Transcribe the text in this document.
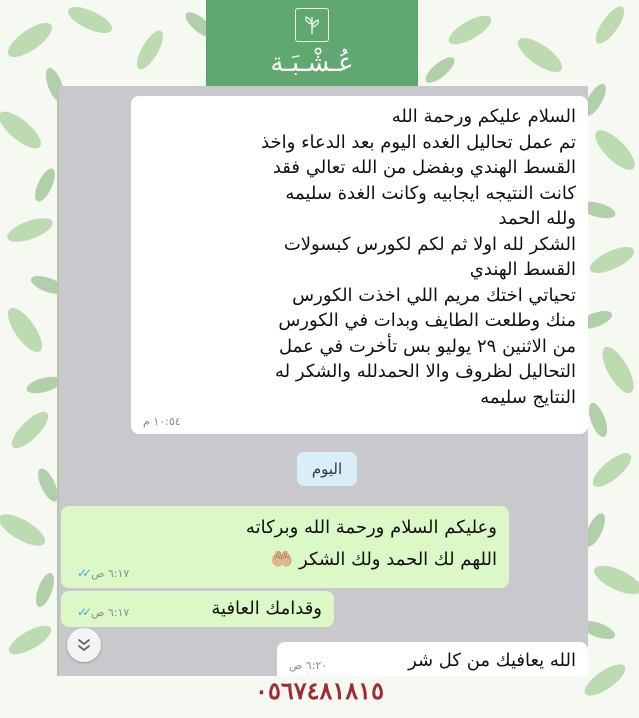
عُـشْـبَـة
السلام عليكم ورحمة الله
تم عمل تحاليل الغده اليوم بعد الدعاء واخذ
القسط الهندي وبفضل من الله تعالي فقد
كانت النتيجه ايجابيه وكانت الغدة سليمه
ولله الحمد
الشكر لله اولا ثم لكم لكورس كبسولات
القسط الهندي
تحياتي اختك مريم اللي اخذت الكورس
منك وطلعت الطايف وبدات في الكورس
من الاثنين ٢٩ يوليو بس تأخرت في عمل
التحاليل لظروف والا الحمدلله والشكر له
النتايج سليمه
١٠:٥٤ م
اليوم
وعليكم السلام ورحمة الله وبركاته
اللهم لك الحمد ولك الشكر 🤲🏼
٦:١٧ ص
✓✓
وقدامك العافية
٦:١٧ ص
✓✓
الله يعافيك من كل شر
٦:٢٠ ص
٠٥٦٧٤٨١٨١٥
